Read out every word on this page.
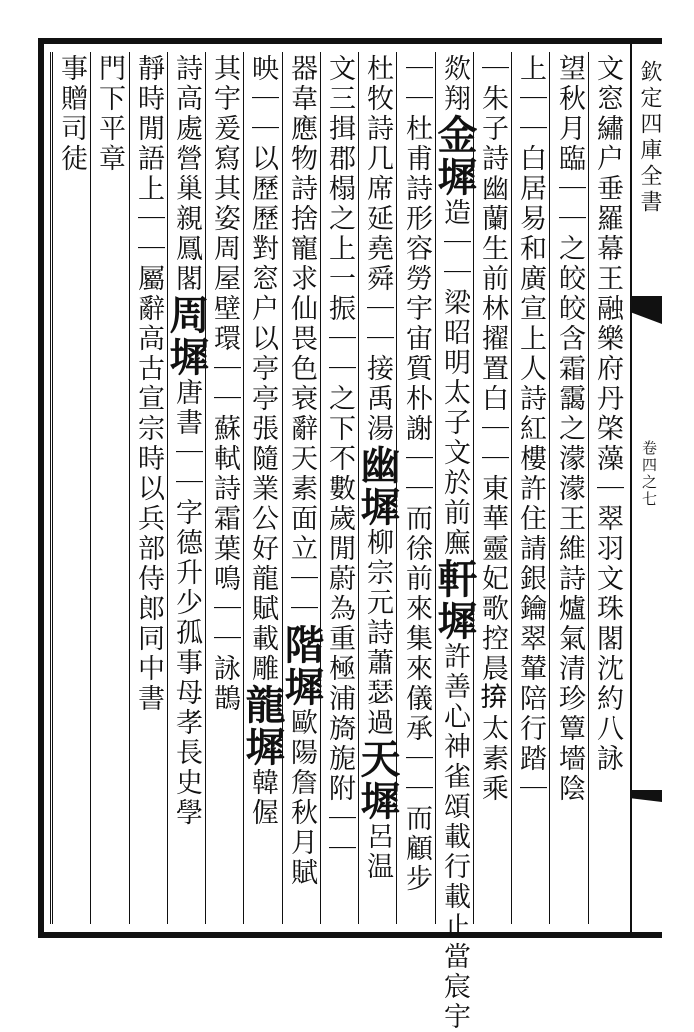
欽定四庫全書
卷四之七
文窓繡户垂羅幕王融樂府丹棨藻｜翠羽文珠閣沈約八詠
望秋月臨｜｜之皎皎含霜靄之濛濛王維詩爐氣清珍簟墻陰
上｜｜白居易和廣宣上人詩紅樓許住請銀鑰翠輦陪行踏｜
｜朱子詩幽蘭生前林擢置白｜｜東華靈妃歌控晨𢬵太素乘
欻翔金墀造｜｜梁昭明太子文於前廡軒墀許善心神雀頌載行載止當宸宇
｜｜杜甫詩形容勞宇宙質朴謝｜｜而徐前來集來儀承｜｜而顧步
杜牧詩几席延堯舜｜｜接禹湯幽墀柳宗元詩蕭瑟過天墀呂温
文三揖郡榻之上一振｜｜之下不數歲閒蔚為重極浦旖旎附｜｜
器韋應物詩捨寵求仙畏色衰辭天素面立｜｜階墀歐陽詹秋月賦
映｜｜以歷歷對窓户以亭亭張隨業公好龍賦載雕龍墀韓偓
其宇爰寫其姿周屋壁環｜｜蘇軾詩霜葉鳴｜｜詠鵲
詩高處營巢親鳳閣周墀唐書｜｜字德升少孤事母孝長史學
靜時閒語上｜｜屬辭高古宣宗時以兵部侍郎同中書
門下平章
事贈司徒
